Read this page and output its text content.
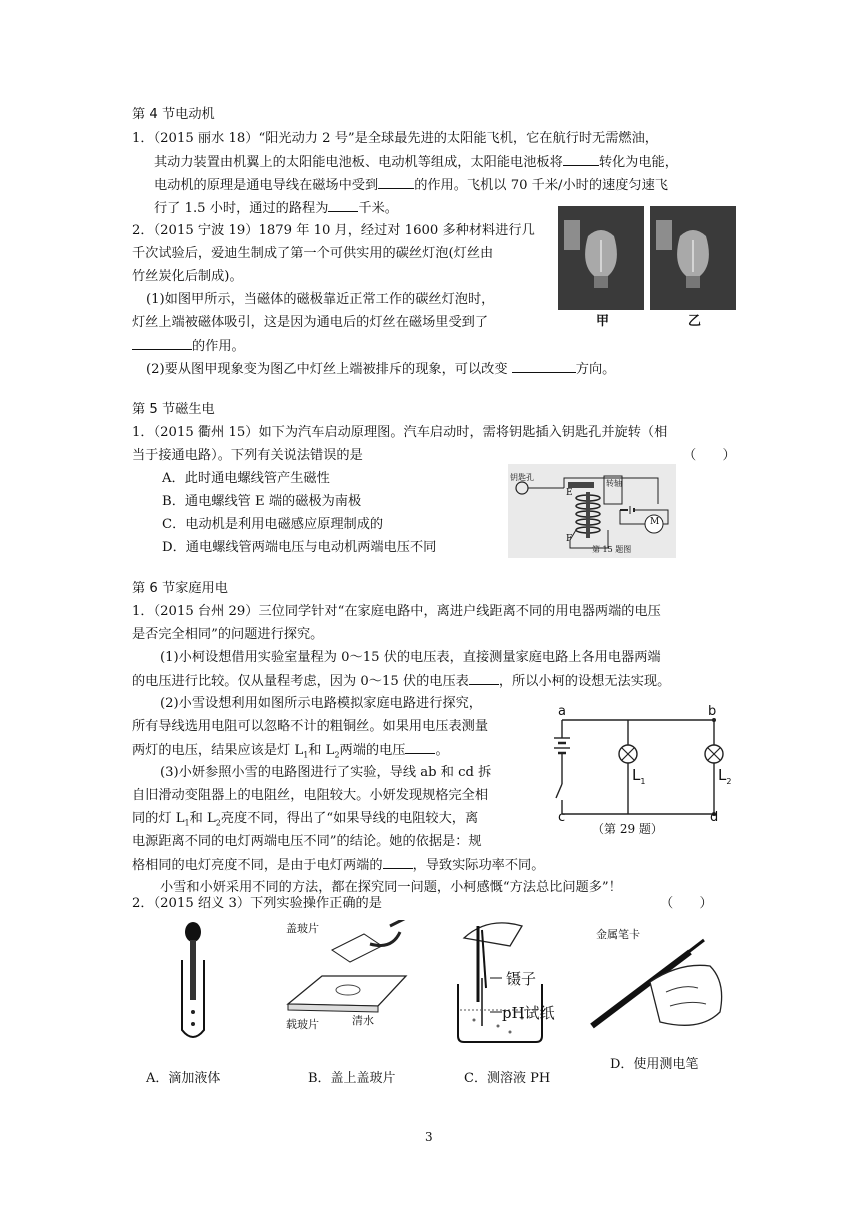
第 4 节电动机
1．（2015 丽水 18）“阳光动力 2 号”是全球最先进的太阳能飞机，它在航行时无需燃油，
其动力装置由机翼上的太阳能电池板、电动机等组成，太阳能电池板将	转化为电能，
电动机的原理是通电导线在磁场中受到	的作用。飞机以 70 千米/小时的速度匀速飞
行了 1.5 小时，通过的路程为 千米。
2．（2015 宁波 19）1879 年 10 月，经过对 1600 多种材料进行几
千次试验后，爱迪生制成了第一个可供实用的碳丝灯泡(灯丝由
竹丝炭化后制成)。
(1)如图甲所示，当磁体的磁极靠近正常工作的碳丝灯泡时，
灯丝上端被磁体吸引，这是因为通电后的灯丝在磁场里受到了
的作用。
(2)要从图甲现象变为图乙中灯丝上端被排斥的现象，可以改变	方向。
甲	乙
第 5 节磁生电
1．（2015 衢州 15）如下为汽车启动原理图。汽车启动时，需将钥匙插入钥匙孔并旋转（相
当于接通电路）。下列有关说法错误的是	（　　）
A．此时通电螺线管产生磁性
B．通电螺线管 E 端的磁极为南极
C．电动机是利用电磁感应原理制成的
D．通电螺线管两端电压与电动机两端电压不同
钥匙孔
转轴
E
F
M
第 15 题图
第 6 节家庭用电
1．（2015 台州 29）三位同学针对“在家庭电路中，离进户线距离不同的用电器两端的电压
是否完全相同”的问题进行探究。
(1)小柯设想借用实验室量程为 0～15 伏的电压表，直接测量家庭电路上各用电器两端
的电压进行比较。仅从量程考虑，因为 0～15 伏的电压表 ，所以小柯的设想无法实现。
(2)小雪设想利用如图所示电路模拟家庭电路进行探究，
所有导线选用电阻可以忽略不计的粗铜丝。如果用电压表测量
两灯的电压，结果应该是灯 $L_1$和 $L_2$两端的电压 。
(3)小妍参照小雪的电路图进行了实验，导线 ab 和 cd 拆
自旧滑动变阻器上的电阻丝，电阻较大。小妍发现规格完全相
同的灯 $L_1$和 $L_2$亮度不同，得出了“如果导线的电阻较大，离
电源距离不同的电灯两端电压不同”的结论。她的依据是：规
格相同的电灯亮度不同，是由于电灯两端的 ，导致实际功率不同。
小雪和小妍采用不同的方法，都在探究同一问题，小柯感慨“方法总比问题多”！
a	b
c	d
$L_1$	$L_2$
（第 29 题）
2．（2015 绍义 3）下列实验操作正确的是	（　　）
A．滴加液体
盖玻片
载玻片	清水
B．盖上盖玻片
镊子
pH试纸
C．测溶液 PH
金属笔卡
D．使用测电笔
3
